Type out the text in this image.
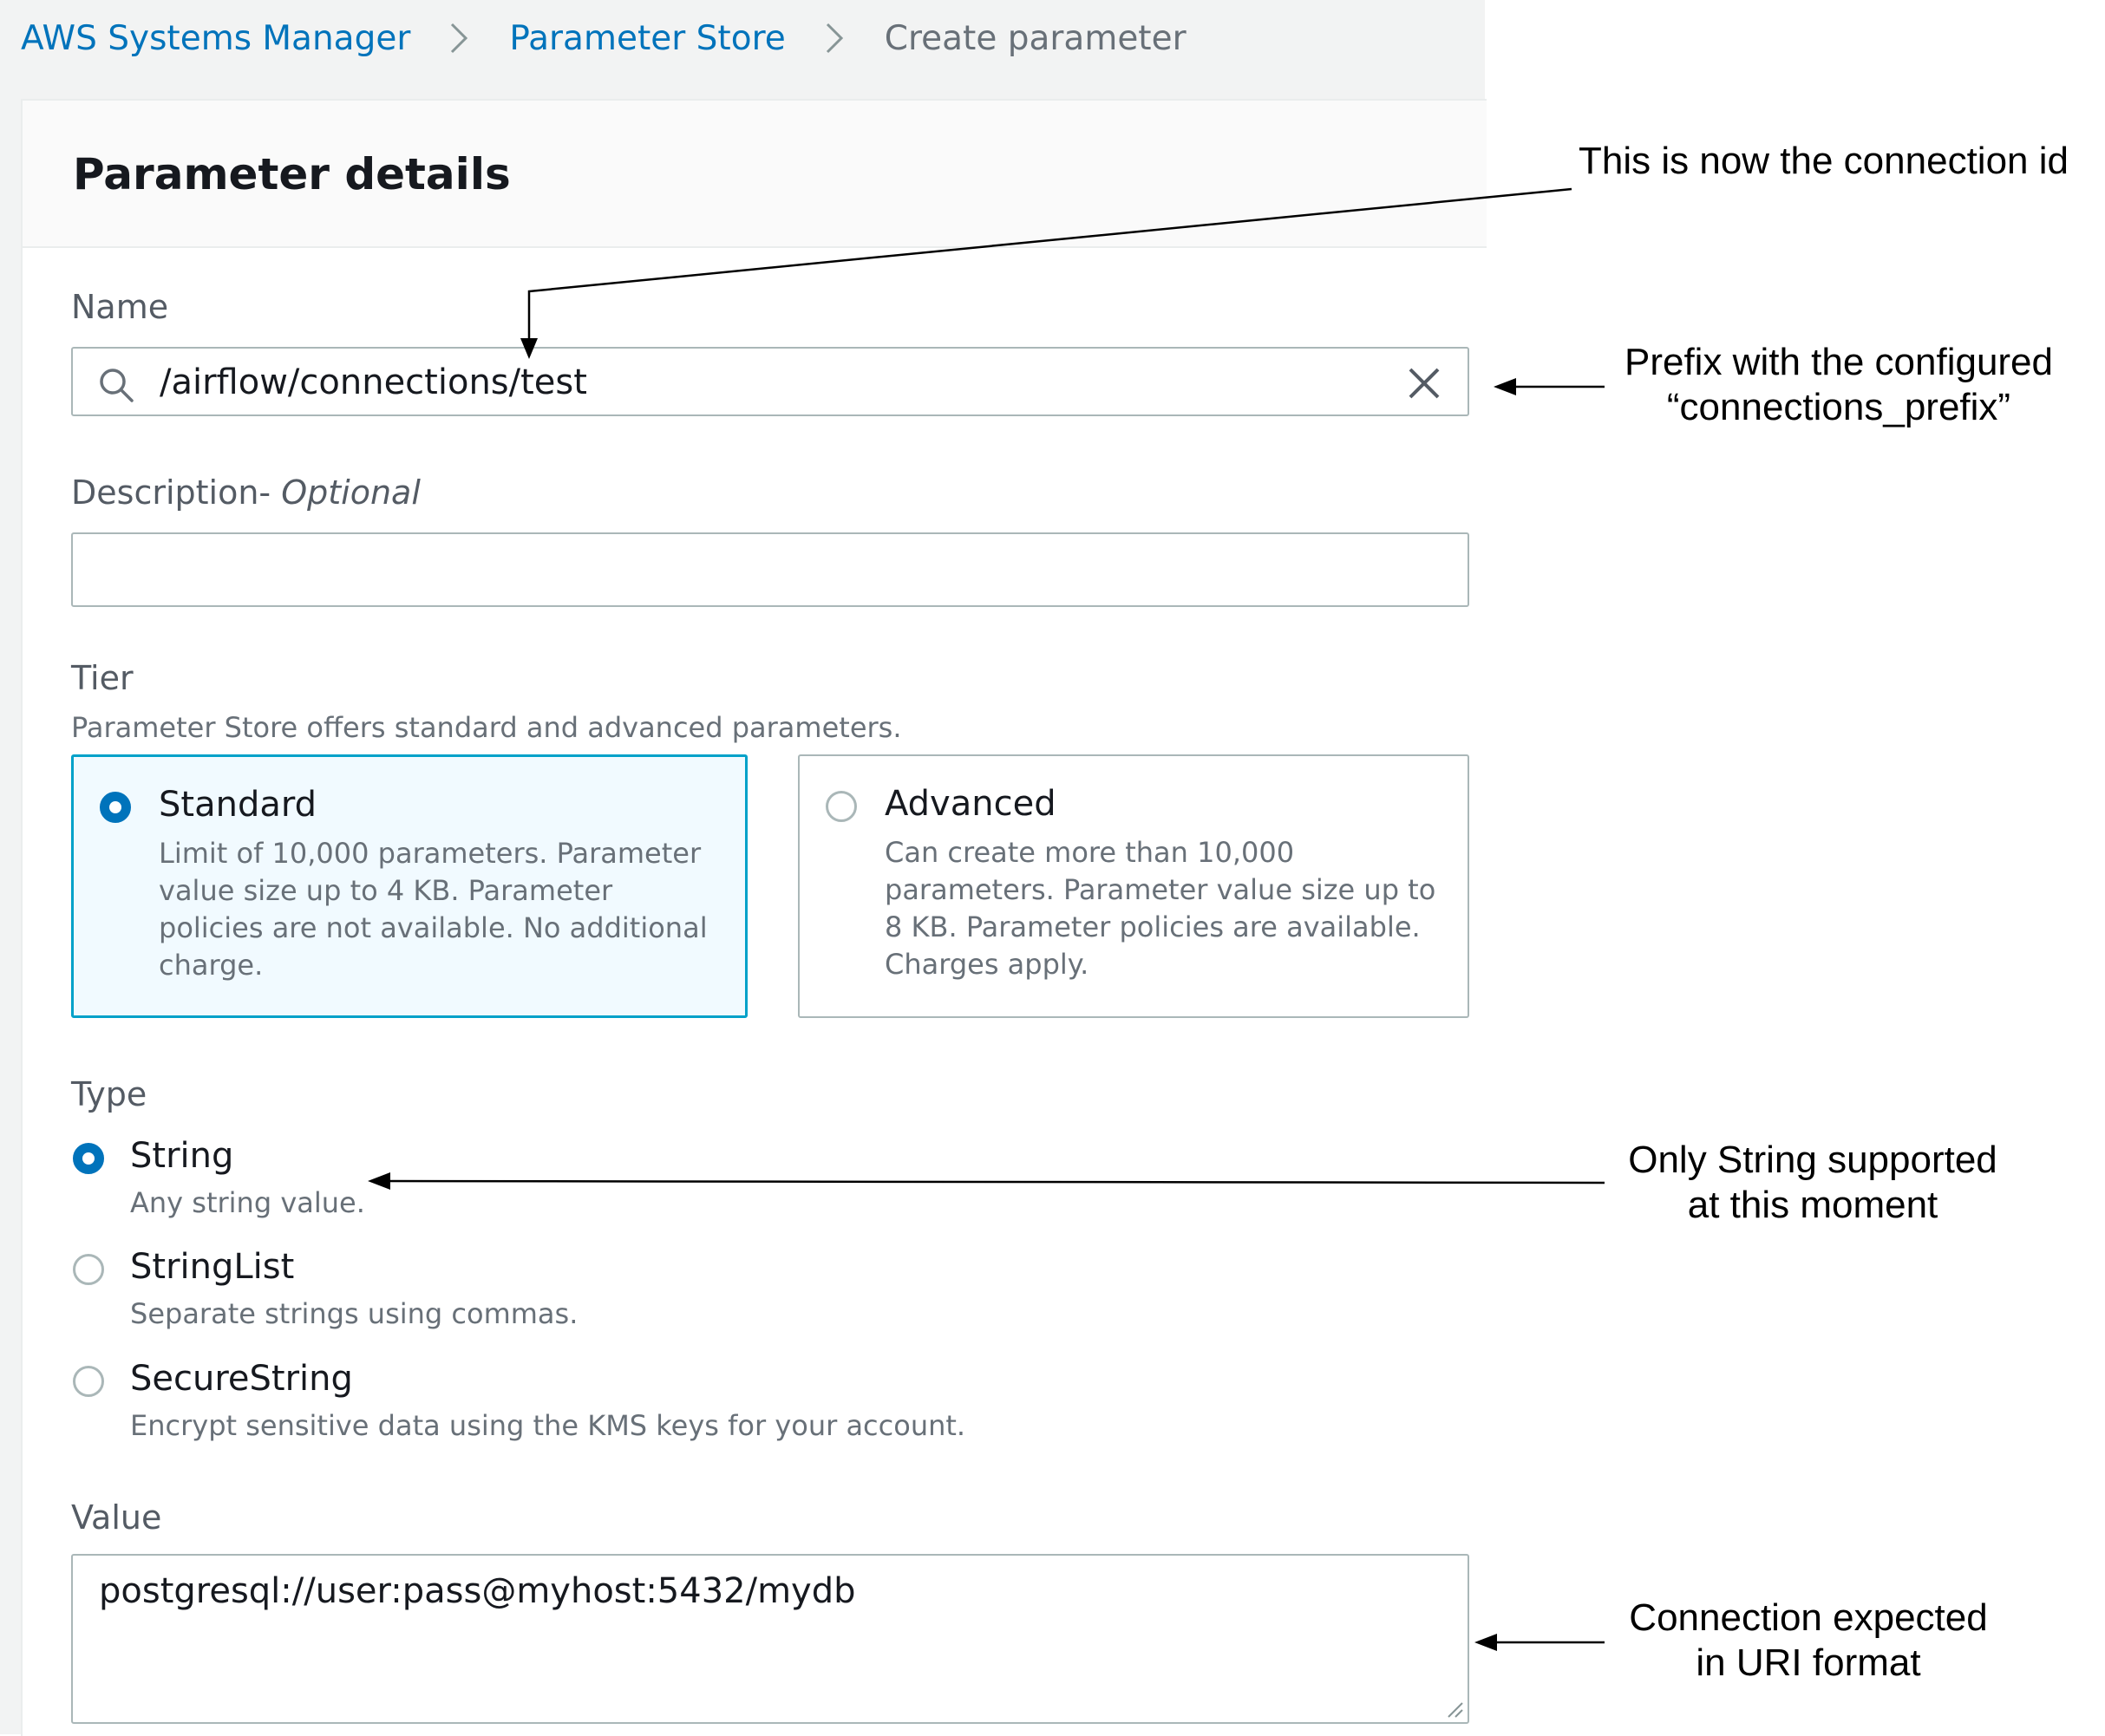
AWS Systems Manager	Parameter Store	Create parameter
Parameter details
Name
/airflow/connections/test
Description- Optional
Tier
Parameter Store offers standard and advanced parameters.
Standard
Limit of 10,000 parameters. Parameter value size up to 4 KB. Parameter policies are not available. No additional charge.
Advanced
Can create more than 10,000 parameters. Parameter value size up to 8 KB. Parameter policies are available. Charges apply.
Type
String
Any string value.
StringList
Separate strings using commas.
SecureString
Encrypt sensitive data using the KMS keys for your account.
Value
postgresql://user:pass@myhost:5432/mydb
This is now the connection id
Prefix with the configured
“connections_prefix”
Only String supported
at this moment
Connection expected
in URI format
